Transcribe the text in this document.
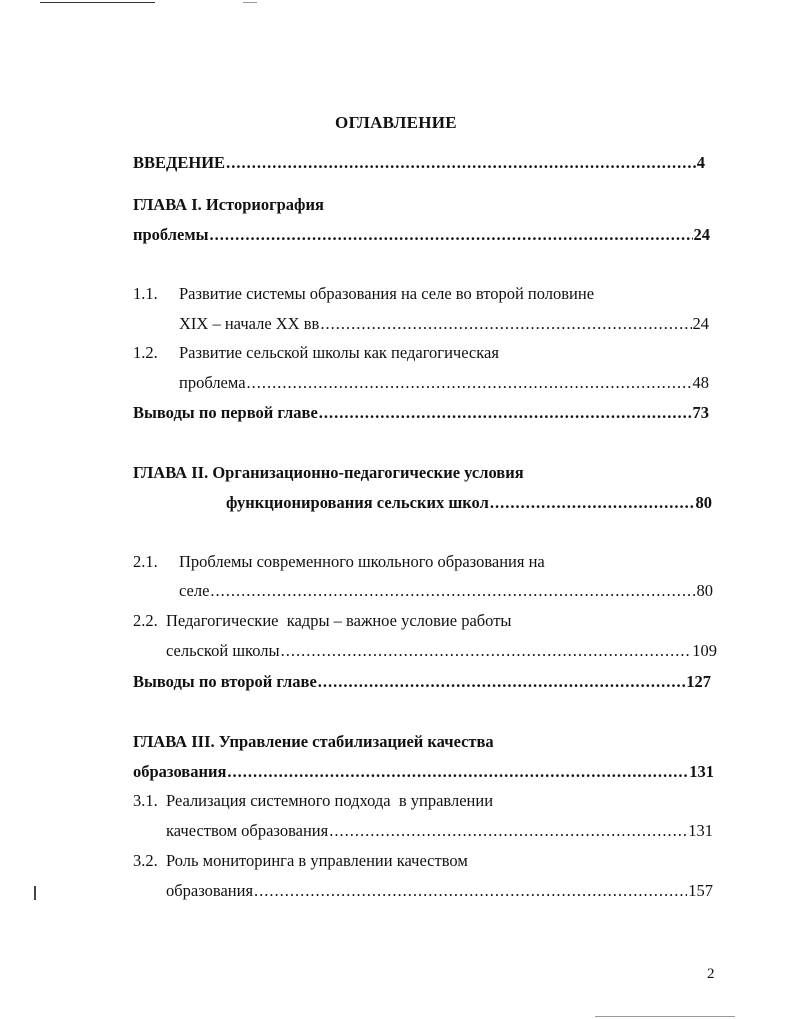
ОГЛАВЛЕНИЕ
ВВЕДЕНИЕ .....	4
ГЛАВА I. Историография
проблемы .....	24
1.1. Развитие системы образования на селе во второй половине
XIX – начале XX вв .....	24
1.2. Развитие сельской школы как педагогическая
проблема .....	48
Выводы по первой главе .....	73
ГЛАВА II. Организационно-педагогические условия
функционирования сельских школ .....	80
2.1. Проблемы современного школьного образования на
селе .....	80
2.2. Педагогические  кадры – важное условие работы
сельской школы .....	109
Выводы по второй главе .....	127
ГЛАВА III. Управление стабилизацией качества
образования .....	131
3.1. Реализация системного подхода  в управлении
качеством образования .....	131
3.2. Роль мониторинга в управлении качеством
образования .....	157
2
